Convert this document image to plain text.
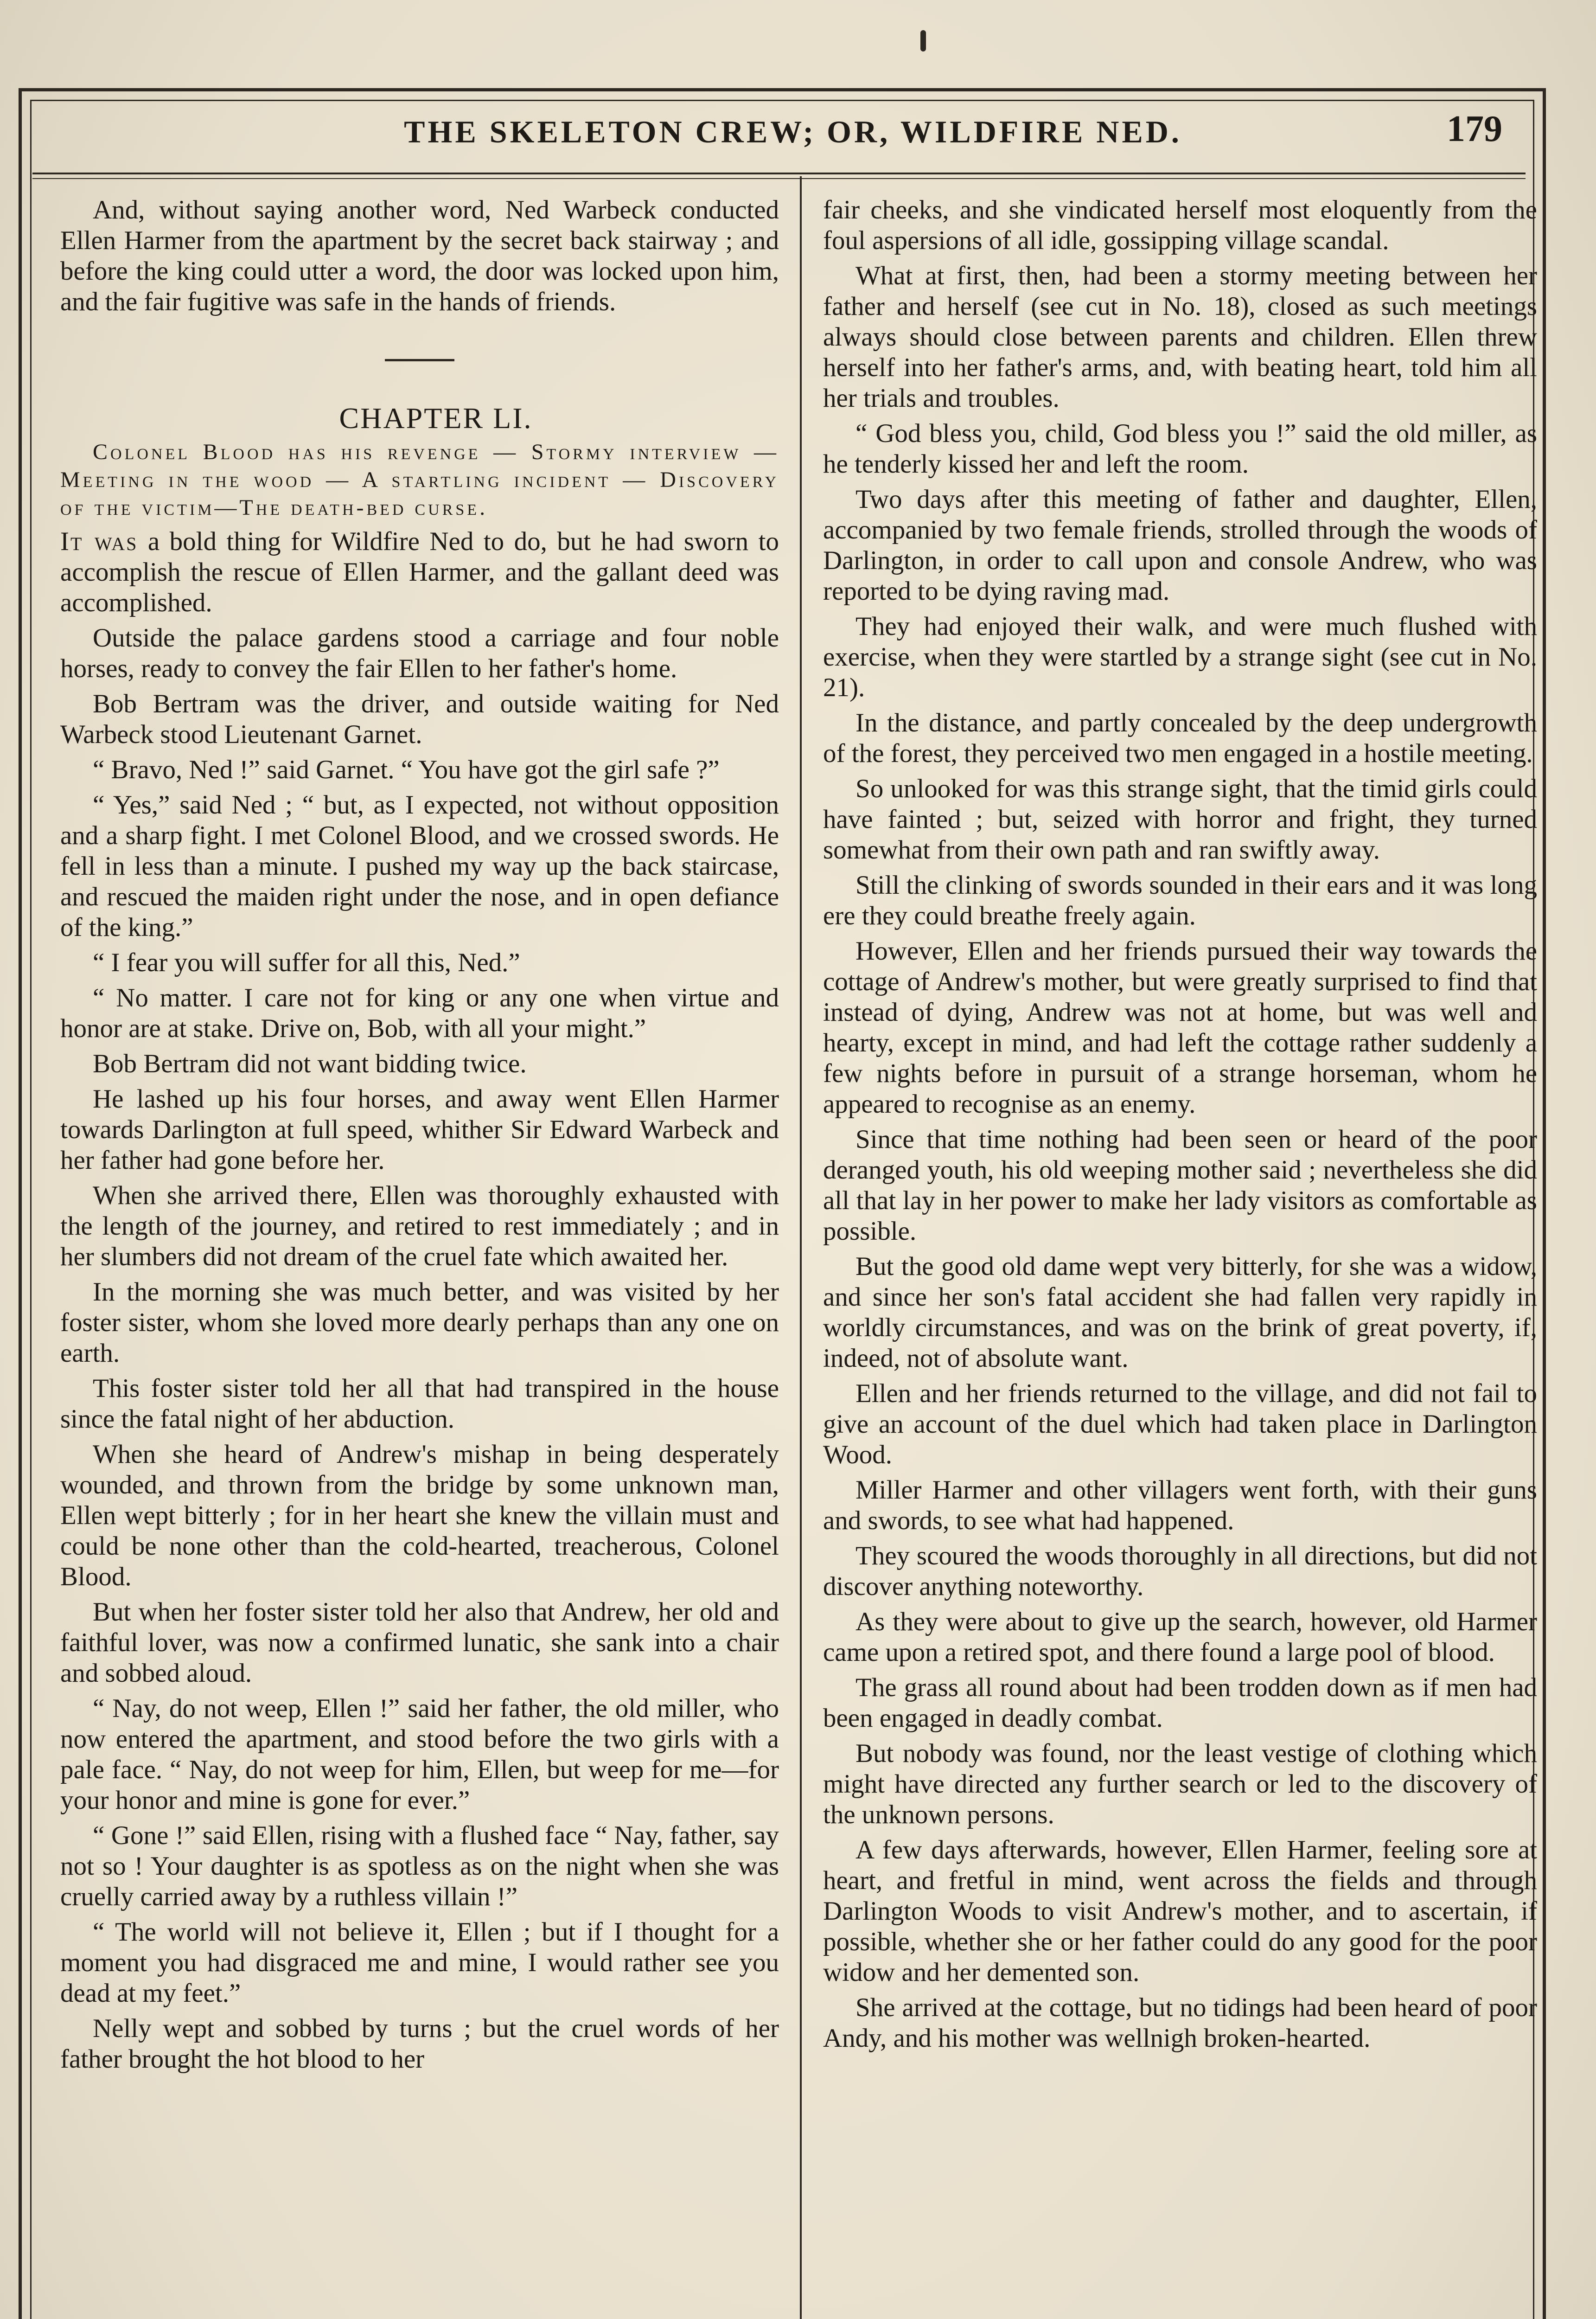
THE SKELETON CREW; OR, WILDFIRE NED.	179

And, without saying another word, Ned Warbeck conducted Ellen Harmer from the apartment by the secret back stairway ; and before the king could utter a word, the door was locked upon him, and the fair fugitive was safe in the hands of friends.

CHAPTER LI.

Colonel Blood has his revenge — Stormy interview — Meeting in the wood — A startling incident — Discovery of the victim—The death-bed curse.

It was a bold thing for Wildfire Ned to do, but he had sworn to accomplish the rescue of Ellen Harmer, and the gallant deed was accomplished.

Outside the palace gardens stood a carriage and four noble horses, ready to convey the fair Ellen to her father's home.

Bob Bertram was the driver, and outside waiting for Ned Warbeck stood Lieutenant Garnet.

“ Bravo, Ned !” said Garnet. “ You have got the girl safe ?”

“ Yes,” said Ned ; “ but, as I expected, not without opposition and a sharp fight. I met Colonel Blood, and we crossed swords. He fell in less than a minute. I pushed my way up the back staircase, and rescued the maiden right under the nose, and in open defiance of the king.”

“ I fear you will suffer for all this, Ned.”

“ No matter. I care not for king or any one when virtue and honor are at stake. Drive on, Bob, with all your might.”

Bob Bertram did not want bidding twice.

He lashed up his four horses, and away went Ellen Harmer towards Darlington at full speed, whither Sir Edward Warbeck and her father had gone before her.

When she arrived there, Ellen was thoroughly exhausted with the length of the journey, and retired to rest immediately ; and in her slumbers did not dream of the cruel fate which awaited her.

In the morning she was much better, and was visited by her foster sister, whom she loved more dearly perhaps than any one on earth.

This foster sister told her all that had transpired in the house since the fatal night of her abduction.

When she heard of Andrew's mishap in being desperately wounded, and thrown from the bridge by some unknown man, Ellen wept bitterly ; for in her heart she knew the villain must and could be none other than the cold-hearted, treacherous, Colonel Blood.

But when her foster sister told her also that Andrew, her old and faithful lover, was now a confirmed lunatic, she sank into a chair and sobbed aloud.

“ Nay, do not weep, Ellen !” said her father, the old miller, who now entered the apartment, and stood before the two girls with a pale face. “ Nay, do not weep for him, Ellen, but weep for me—for your honor and mine is gone for ever.”

“ Gone !” said Ellen, rising with a flushed face “ Nay, father, say not so ! Your daughter is as spotless as on the night when she was cruelly carried away by a ruthless villain !”

“ The world will not believe it, Ellen ; but if I thought for a moment you had disgraced me and mine, I would rather see you dead at my feet.”

Nelly wept and sobbed by turns ; but the cruel words of her father brought the hot blood to her

fair cheeks, and she vindicated herself most eloquently from the foul aspersions of all idle, gossipping village scandal.

What at first, then, had been a stormy meeting between her father and herself (see cut in No. 18), closed as such meetings always should close between parents and children. Ellen threw herself into her father's arms, and, with beating heart, told him all her trials and troubles.

“ God bless you, child, God bless you !” said the old miller, as he tenderly kissed her and left the room.

Two days after this meeting of father and daughter, Ellen, accompanied by two female friends, strolled through the woods of Darlington, in order to call upon and console Andrew, who was reported to be dying raving mad.

They had enjoyed their walk, and were much flushed with exercise, when they were startled by a strange sight (see cut in No. 21).

In the distance, and partly concealed by the deep undergrowth of the forest, they perceived two men engaged in a hostile meeting.

So unlooked for was this strange sight, that the timid girls could have fainted ; but, seized with horror and fright, they turned somewhat from their own path and ran swiftly away.

Still the clinking of swords sounded in their ears and it was long ere they could breathe freely again.

However, Ellen and her friends pursued their way towards the cottage of Andrew's mother, but were greatly surprised to find that instead of dying, Andrew was not at home, but was well and hearty, except in mind, and had left the cottage rather suddenly a few nights before in pursuit of a strange horseman, whom he appeared to recognise as an enemy.

Since that time nothing had been seen or heard of the poor deranged youth, his old weeping mother said ; nevertheless she did all that lay in her power to make her lady visitors as comfortable as possible.

But the good old dame wept very bitterly, for she was a widow, and since her son's fatal accident she had fallen very rapidly in worldly circumstances, and was on the brink of great poverty, if, indeed, not of absolute want.

Ellen and her friends returned to the village, and did not fail to give an account of the duel which had taken place in Darlington Wood.

Miller Harmer and other villagers went forth, with their guns and swords, to see what had happened.

They scoured the woods thoroughly in all directions, but did not discover anything noteworthy.

As they were about to give up the search, however, old Harmer came upon a retired spot, and there found a large pool of blood.

The grass all round about had been trodden down as if men had been engaged in deadly combat.

But nobody was found, nor the least vestige of clothing which might have directed any further search or led to the discovery of the unknown persons.

A few days afterwards, however, Ellen Harmer, feeling sore at heart, and fretful in mind, went across the fields and through Darlington Woods to visit Andrew's mother, and to ascertain, if possible, whether she or her father could do any good for the poor widow and her demented son.

She arrived at the cottage, but no tidings had been heard of poor Andy, and his mother was wellnigh broken-hearted.
